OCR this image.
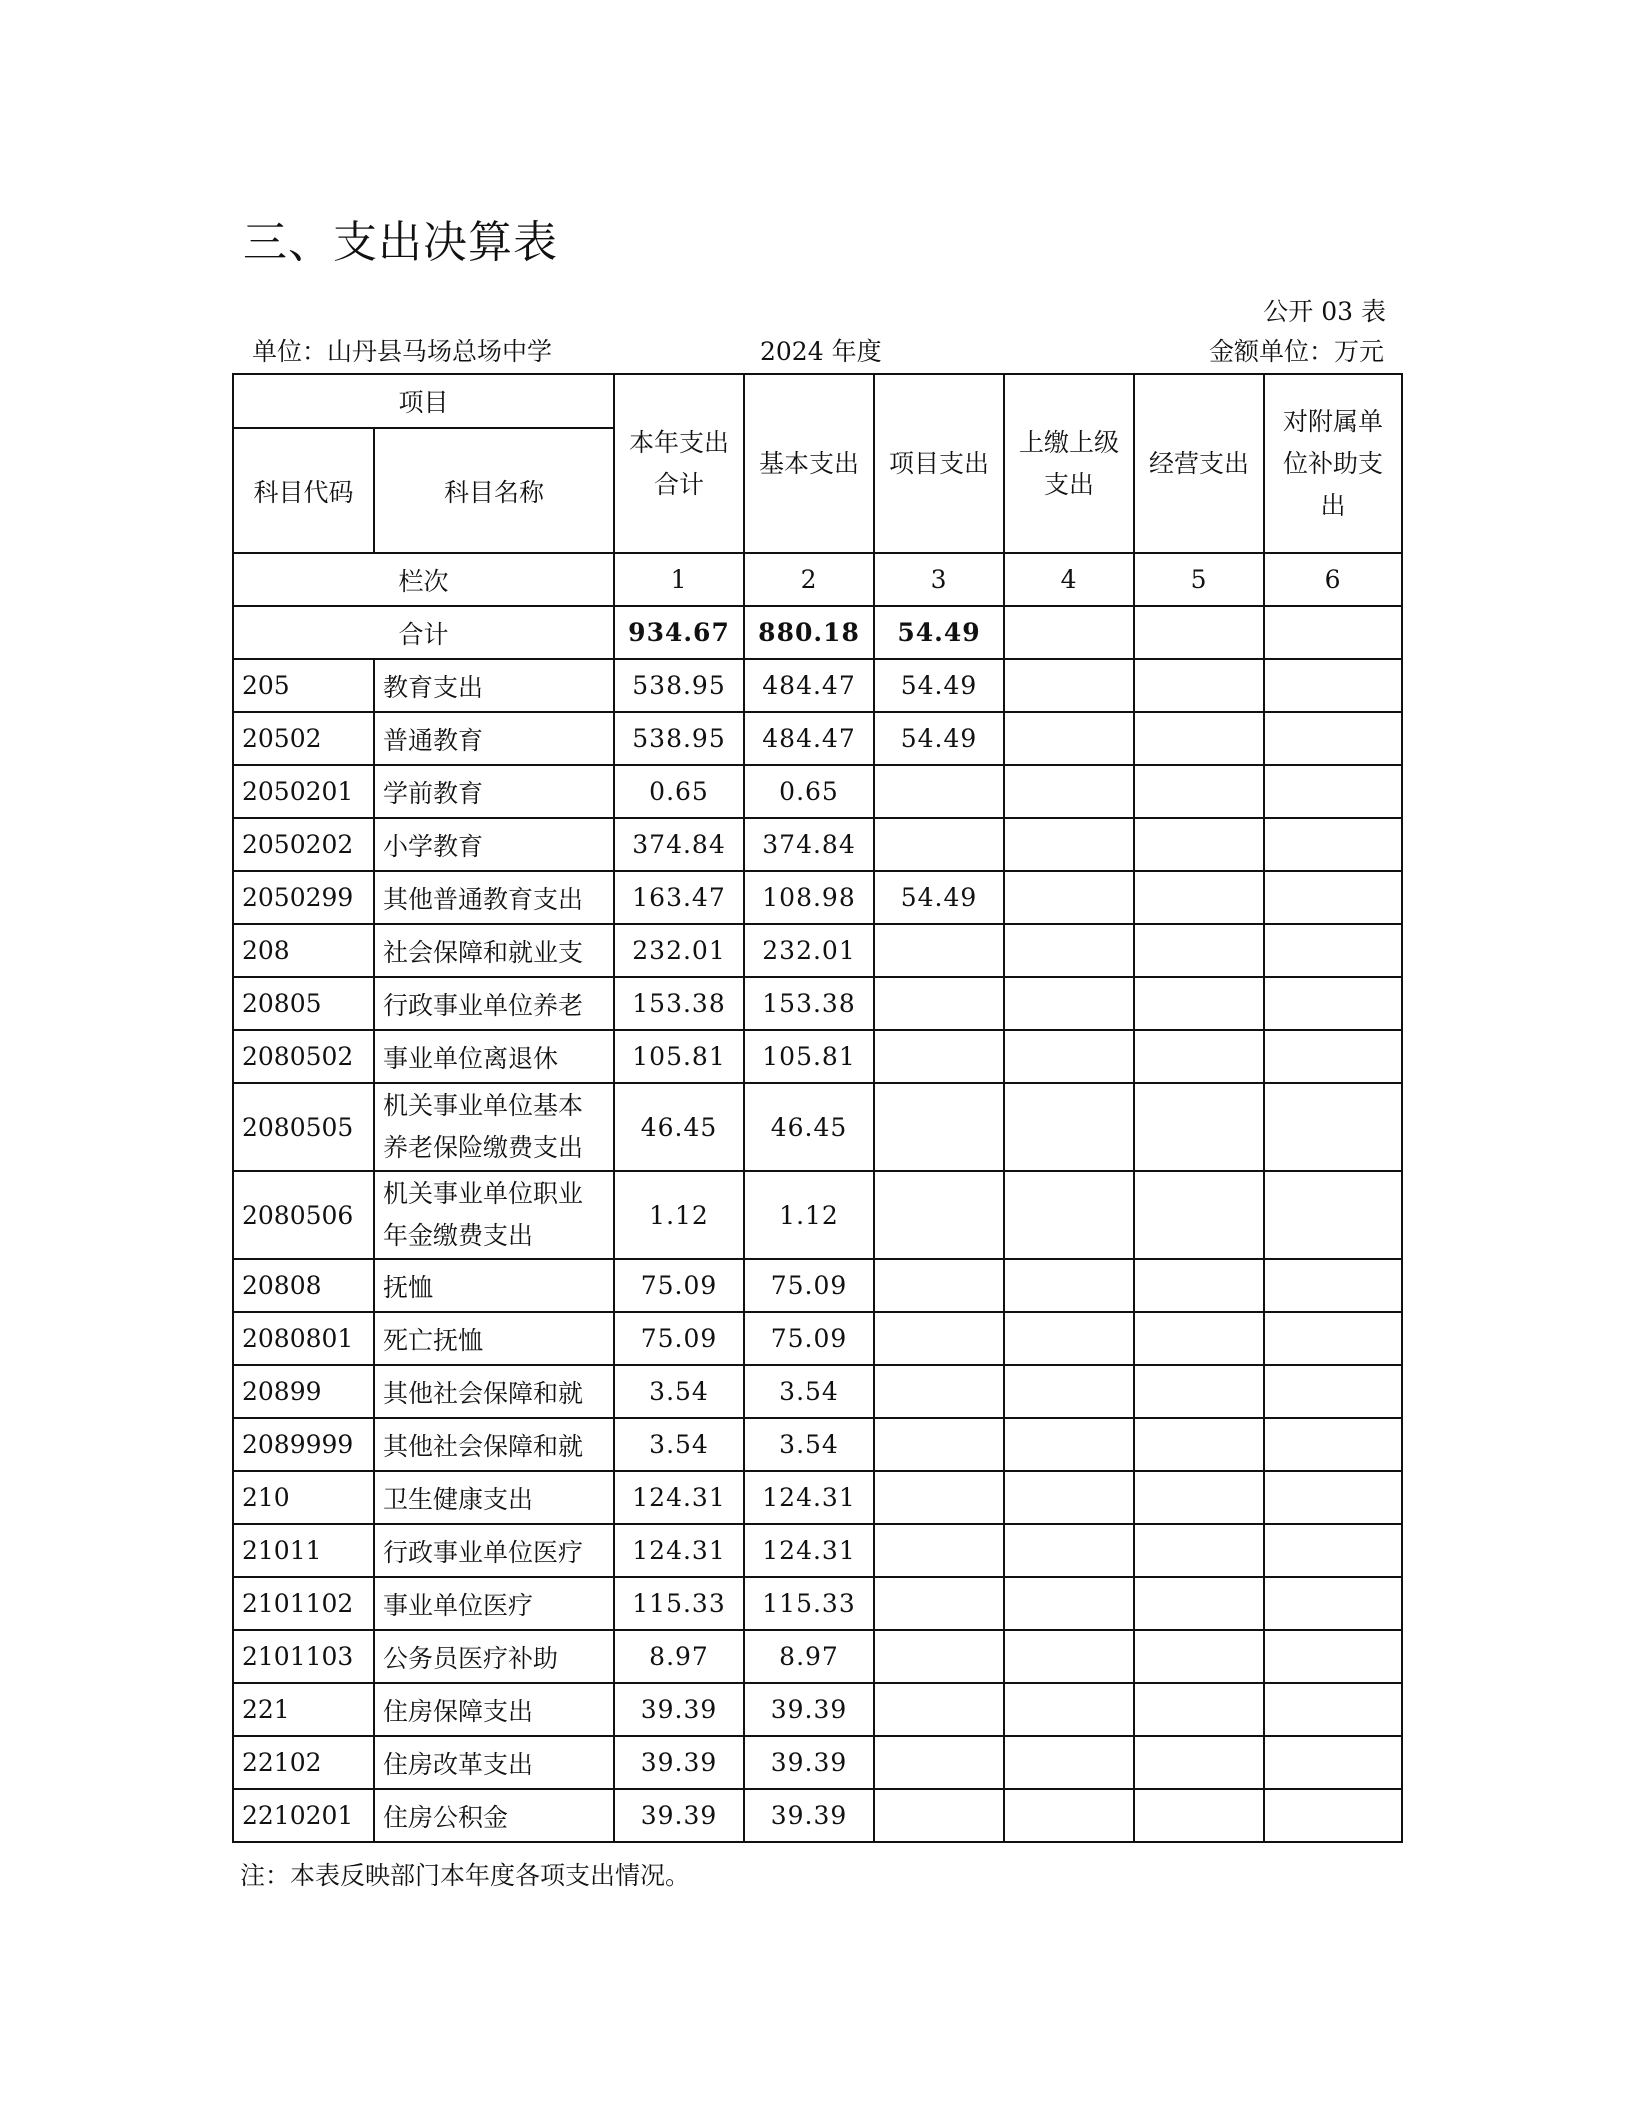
三、支出决算表
公开 03 表
单位：山丹县马场总场中学	2024 年度	金额单位：万元
项目		本年支出合计	基本支出	项目支出	上缴上级支出	经营支出	对附属单位补助支出
科目代码	科目名称						
栏次		1	2	3	4	5	6
合计		934.67	880.18	54.49			
205	教育支出	538.95	484.47	54.49			
20502	普通教育	538.95	484.47	54.49			
2050201	学前教育	0.65	0.65				
2050202	小学教育	374.84	374.84				
2050299	其他普通教育支出	163.47	108.98	54.49			
208	社会保障和就业支	232.01	232.01				
20805	行政事业单位养老	153.38	153.38				
2080502	事业单位离退休	105.81	105.81				
2080505	机关事业单位基本养老保险缴费支出	46.45	46.45				
2080506	机关事业单位职业年金缴费支出	1.12	1.12				
20808	抚恤	75.09	75.09				
2080801	死亡抚恤	75.09	75.09				
20899	其他社会保障和就	3.54	3.54				
2089999	其他社会保障和就	3.54	3.54				
210	卫生健康支出	124.31	124.31				
21011	行政事业单位医疗	124.31	124.31				
2101102	事业单位医疗	115.33	115.33				
2101103	公务员医疗补助	8.97	8.97				
221	住房保障支出	39.39	39.39				
22102	住房改革支出	39.39	39.39				
2210201	住房公积金	39.39	39.39				
注：本表反映部门本年度各项支出情况。
